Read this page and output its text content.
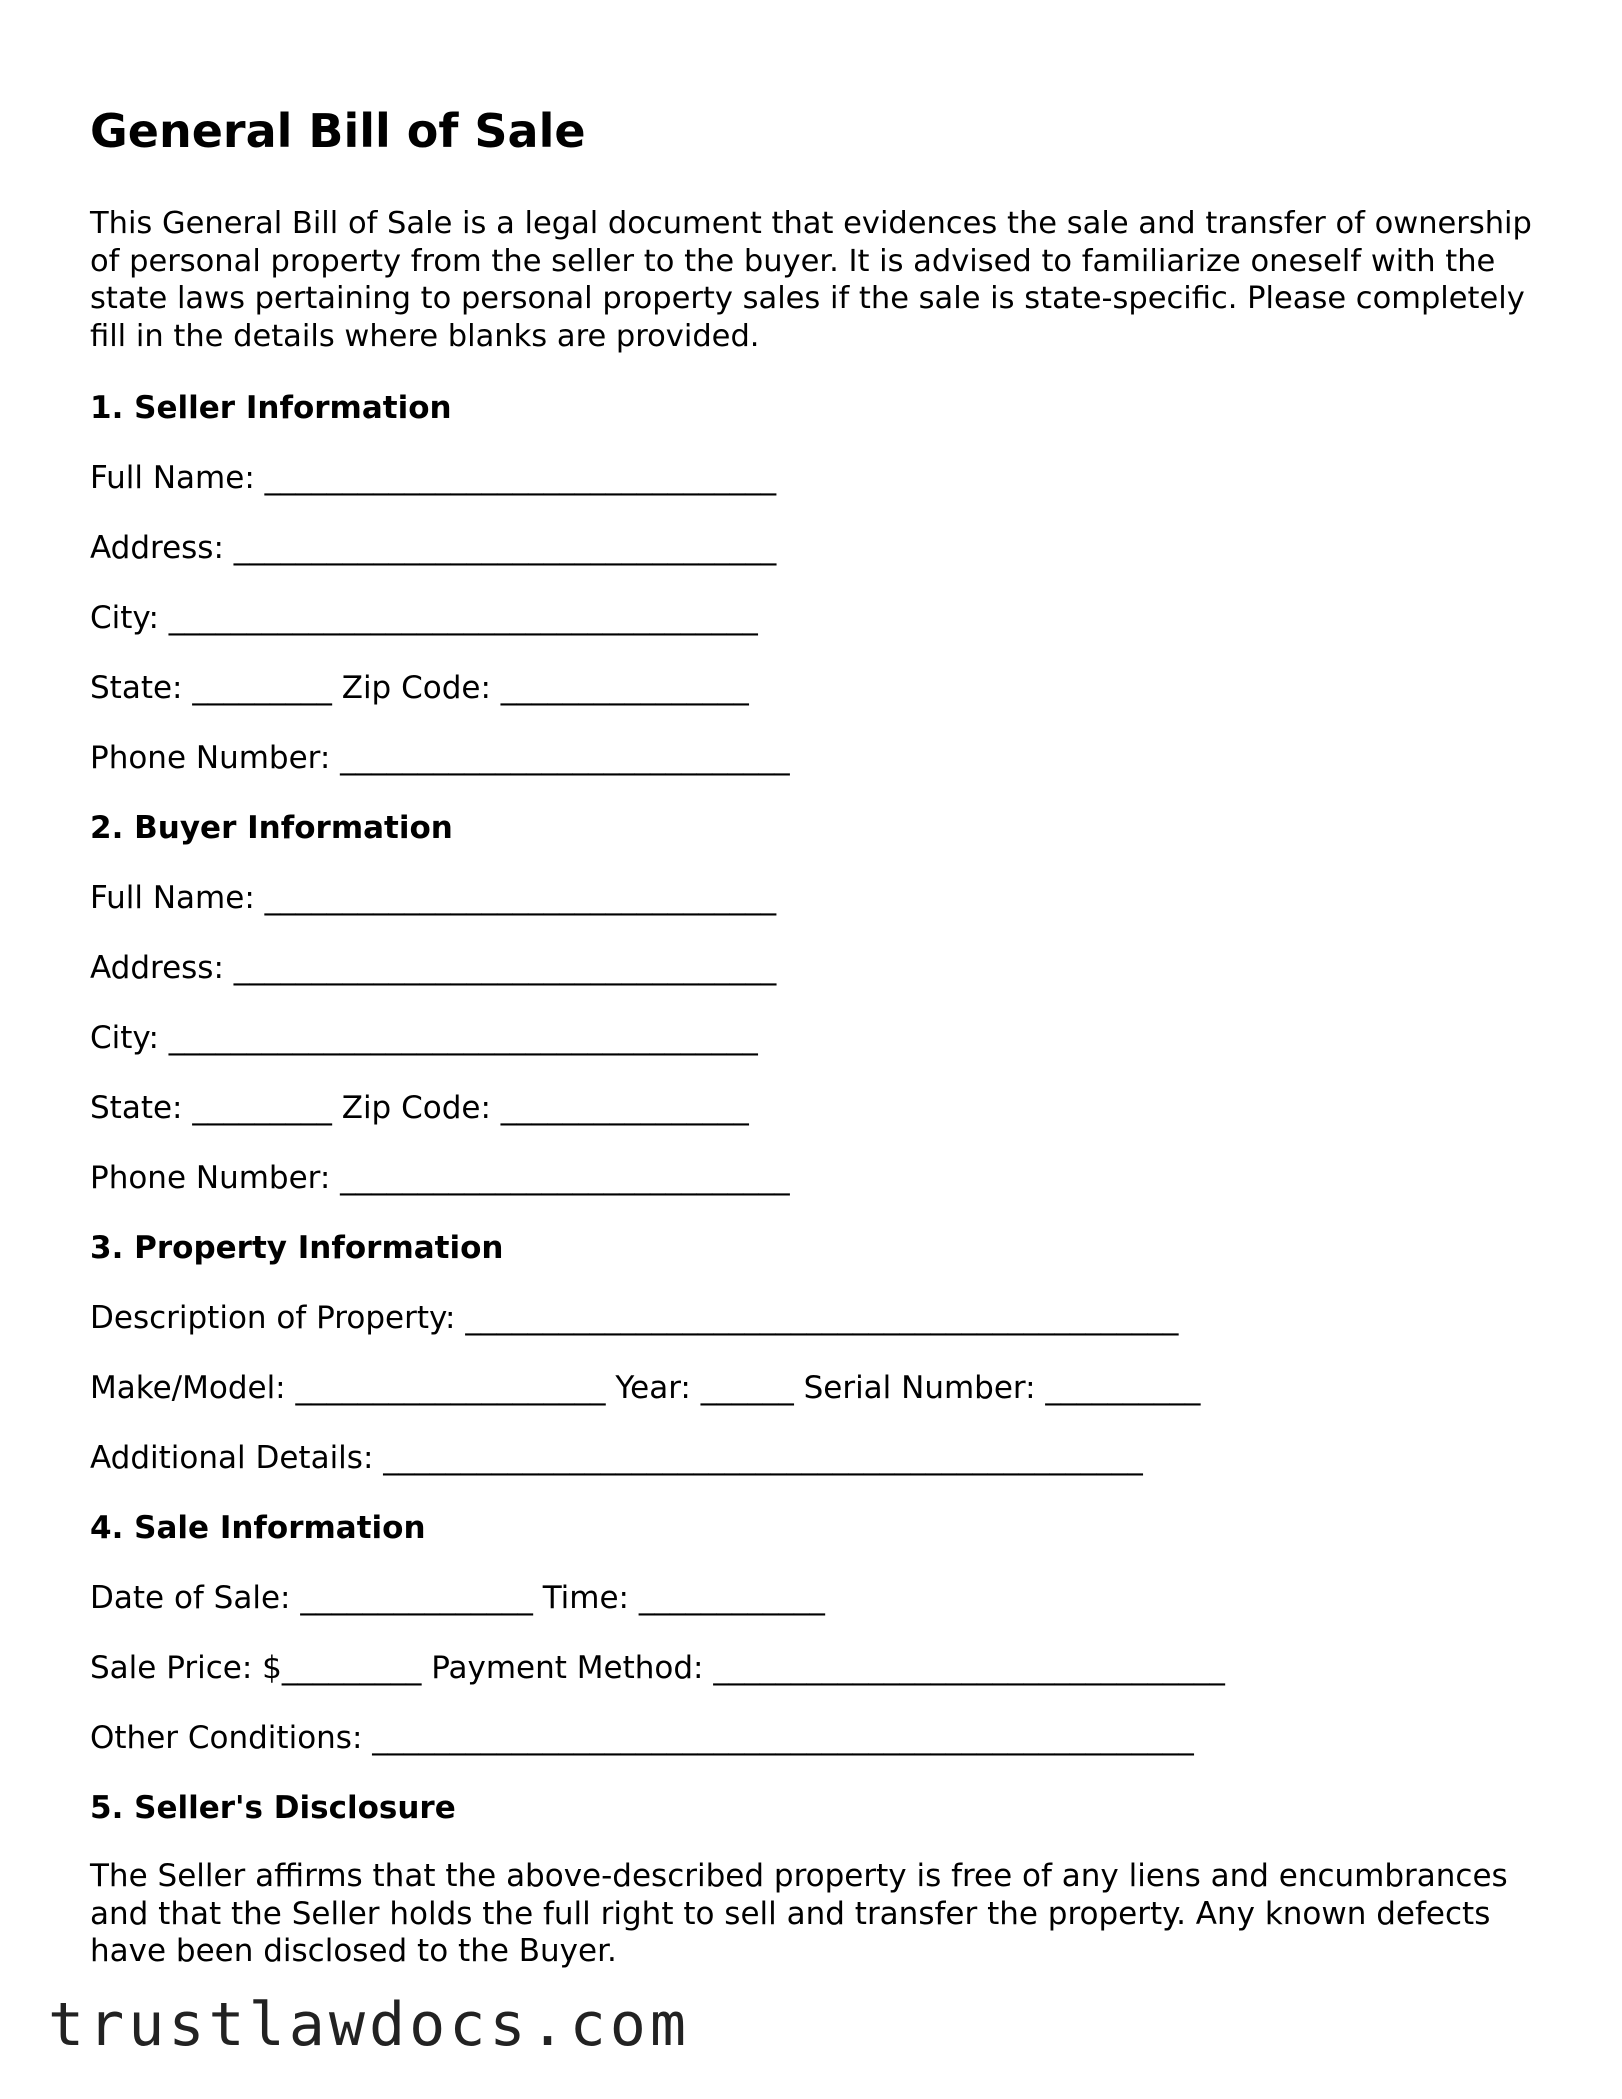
General Bill of Sale
This General Bill of Sale is a legal document that evidences the sale and transfer of ownership of personal property from the seller to the buyer. It is advised to familiarize oneself with the state laws pertaining to personal property sales if the sale is state-specific. Please completely fill in the details where blanks are provided.
1. Seller Information
Full Name: _________________________________
Address: ___________________________________
City: ______________________________________
State: _________ Zip Code: ________________
Phone Number: _____________________________
2. Buyer Information
Full Name: _________________________________
Address: ___________________________________
City: ______________________________________
State: _________ Zip Code: ________________
Phone Number: _____________________________
3. Property Information
Description of Property: ______________________________________________
Make/Model: ____________________ Year: ______ Serial Number: __________
Additional Details: _________________________________________________
4. Sale Information
Date of Sale: _______________ Time: ____________
Sale Price: $_________ Payment Method: _________________________________
Other Conditions: _____________________________________________________
5. Seller's Disclosure
The Seller affirms that the above-described property is free of any liens and encumbrances and that the Seller holds the full right to sell and transfer the property. Any known defects have been disclosed to the Buyer.
trustlawdocs.com
